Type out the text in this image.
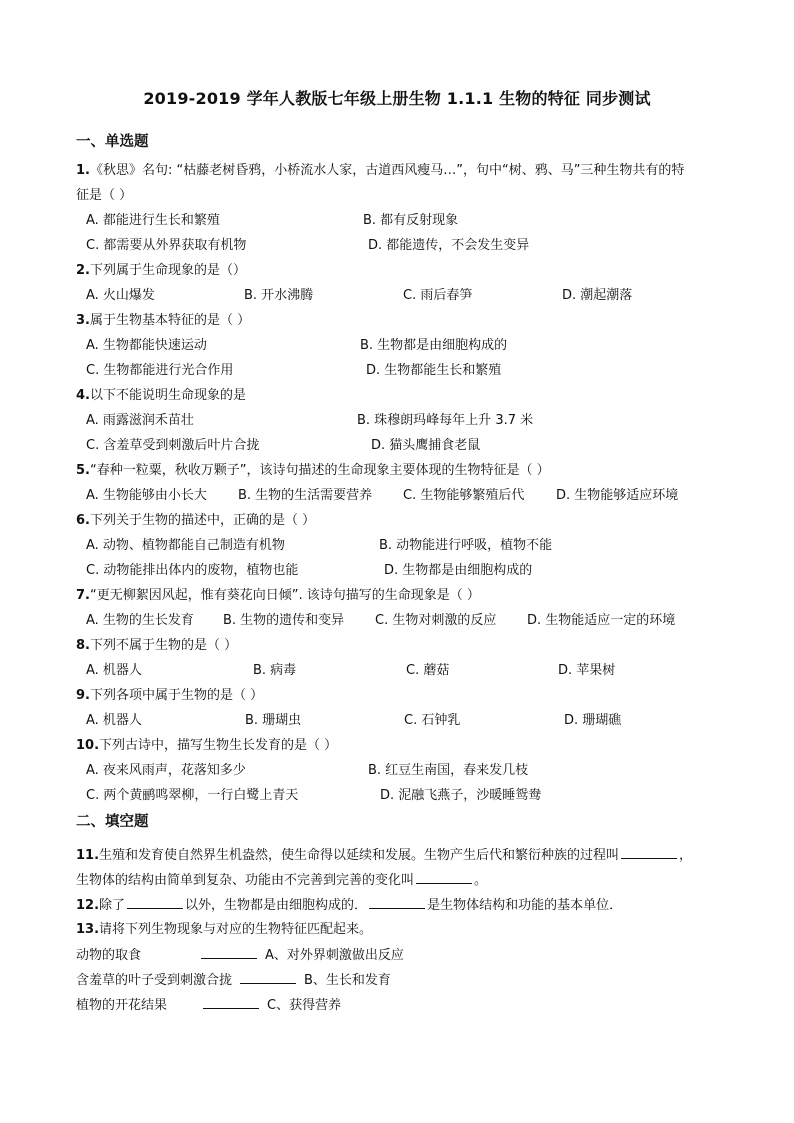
2019-2019 学年人教版七年级上册生物 1.1.1 生物的特征 同步测试
一、单选题
1.《秋思》名句: “枯藤老树昏鸦，小桥流水人家，古道西风瘦马…”，句中“树、鸦、马”三种生物共有的特
征是（ ）
A. 都能进行生长和繁殖	B. 都有反射现象
C. 都需要从外界获取有机物	D. 都能遗传，不会发生变异
2.下列属于生命现象的是（）
A. 火山爆发	B. 开水沸腾	C. 雨后春笋	D. 潮起潮落
3.属于生物基本特征的是（ ）
A. 生物都能快速运动	B. 生物都是由细胞构成的
C. 生物都能进行光合作用	D. 生物都能生长和繁殖
4.以下不能说明生命现象的是
A. 雨露滋润禾苗壮	B. 珠穆朗玛峰每年上升 3.7 米
C. 含羞草受到刺激后叶片合拢	D. 猫头鹰捕食老鼠
5.“春种一粒粟，秋收万颗子”，该诗句描述的生命现象主要体现的生物特征是（ ）
A. 生物能够由小长大 B. 生物的生活需要营养 C. 生物能够繁殖后代 D. 生物能够适应环境
6.下列关于生物的描述中，正确的是（ ）
A. 动物、植物都能自己制造有机物	B. 动物能进行呼吸，植物不能
C. 动物能排出体内的废物，植物也能	D. 生物都是由细胞构成的
7.“更无柳絮因风起，惟有葵花向日倾”. 该诗句描写的生命现象是（ ）
A. 生物的生长发育 B. 生物的遗传和变异 C. 生物对刺激的反应 D. 生物能适应一定的环境
8.下列不属于生物的是（ ）
A. 机器人	B. 病毒	C. 蘑菇	D. 苹果树
9.下列各项中属于生物的是（ ）
A. 机器人	B. 珊瑚虫	C. 石钟乳	D. 珊瑚礁
10.下列古诗中，描写生物生长发育的是（ ）
A. 夜来风雨声，花落知多少	B. 红豆生南国，春来发几枝
C. 两个黄鹂鸣翠柳，一行白鹭上青天	D. 泥融飞燕子，沙暖睡鸳鸯
二、填空题
11.生殖和发育使自然界生机盎然，使生命得以延续和发展。生物产生后代和繁衍种族的过程叫	，
生物体的结构由简单到复杂、功能由不完善到完善的变化叫	。
12.除了	以外，生物都是由细胞构成的．	是生物体结构和功能的基本单位．
13.请将下列生物现象与对应的生物特征匹配起来。
动物的取食	A、对外界刺激做出反应
含羞草的叶子受到刺激合拢	B、生长和发育
植物的开花结果	C、获得营养
